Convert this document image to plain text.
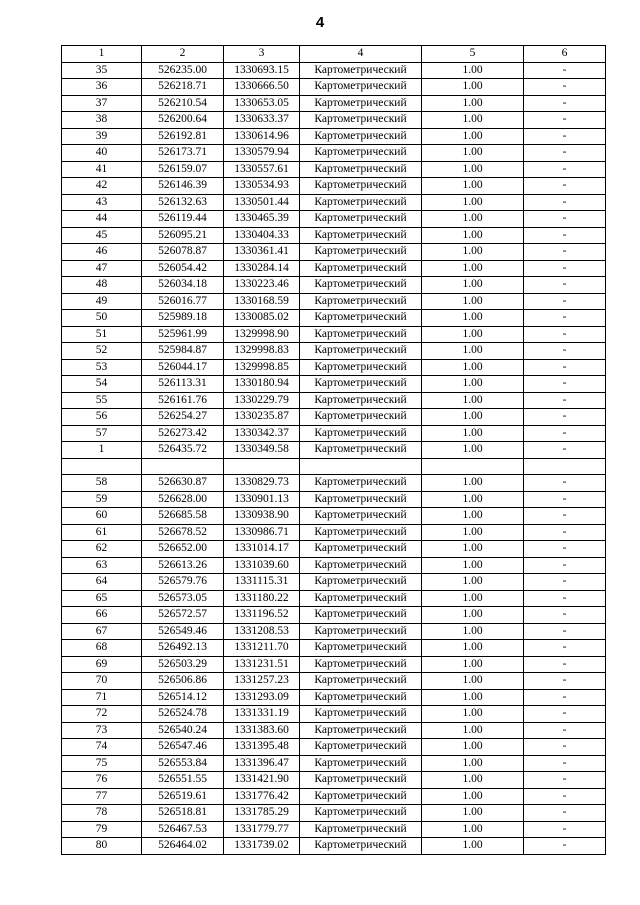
4
1	2	3	4	5	6
35	526235.00	1330693.15	Картометрический	1.00	-
36	526218.71	1330666.50	Картометрический	1.00	-
37	526210.54	1330653.05	Картометрический	1.00	-
38	526200.64	1330633.37	Картометрический	1.00	-
39	526192.81	1330614.96	Картометрический	1.00	-
40	526173.71	1330579.94	Картометрический	1.00	-
41	526159.07	1330557.61	Картометрический	1.00	-
42	526146.39	1330534.93	Картометрический	1.00	-
43	526132.63	1330501.44	Картометрический	1.00	-
44	526119.44	1330465.39	Картометрический	1.00	-
45	526095.21	1330404.33	Картометрический	1.00	-
46	526078.87	1330361.41	Картометрический	1.00	-
47	526054.42	1330284.14	Картометрический	1.00	-
48	526034.18	1330223.46	Картометрический	1.00	-
49	526016.77	1330168.59	Картометрический	1.00	-
50	525989.18	1330085.02	Картометрический	1.00	-
51	525961.99	1329998.90	Картометрический	1.00	-
52	525984.87	1329998.83	Картометрический	1.00	-
53	526044.17	1329998.85	Картометрический	1.00	-
54	526113.31	1330180.94	Картометрический	1.00	-
55	526161.76	1330229.79	Картометрический	1.00	-
56	526254.27	1330235.87	Картометрический	1.00	-
57	526273.42	1330342.37	Картометрический	1.00	-
1	526435.72	1330349.58	Картометрический	1.00	-

58	526630.87	1330829.73	Картометрический	1.00	-
59	526628.00	1330901.13	Картометрический	1.00	-
60	526685.58	1330938.90	Картометрический	1.00	-
61	526678.52	1330986.71	Картометрический	1.00	-
62	526652.00	1331014.17	Картометрический	1.00	-
63	526613.26	1331039.60	Картометрический	1.00	-
64	526579.76	1331115.31	Картометрический	1.00	-
65	526573.05	1331180.22	Картометрический	1.00	-
66	526572.57	1331196.52	Картометрический	1.00	-
67	526549.46	1331208.53	Картометрический	1.00	-
68	526492.13	1331211.70	Картометрический	1.00	-
69	526503.29	1331231.51	Картометрический	1.00	-
70	526506.86	1331257.23	Картометрический	1.00	-
71	526514.12	1331293.09	Картометрический	1.00	-
72	526524.78	1331331.19	Картометрический	1.00	-
73	526540.24	1331383.60	Картометрический	1.00	-
74	526547.46	1331395.48	Картометрический	1.00	-
75	526553.84	1331396.47	Картометрический	1.00	-
76	526551.55	1331421.90	Картометрический	1.00	-
77	526519.61	1331776.42	Картометрический	1.00	-
78	526518.81	1331785.29	Картометрический	1.00	-
79	526467.53	1331779.77	Картометрический	1.00	-
80	526464.02	1331739.02	Картометрический	1.00	-
